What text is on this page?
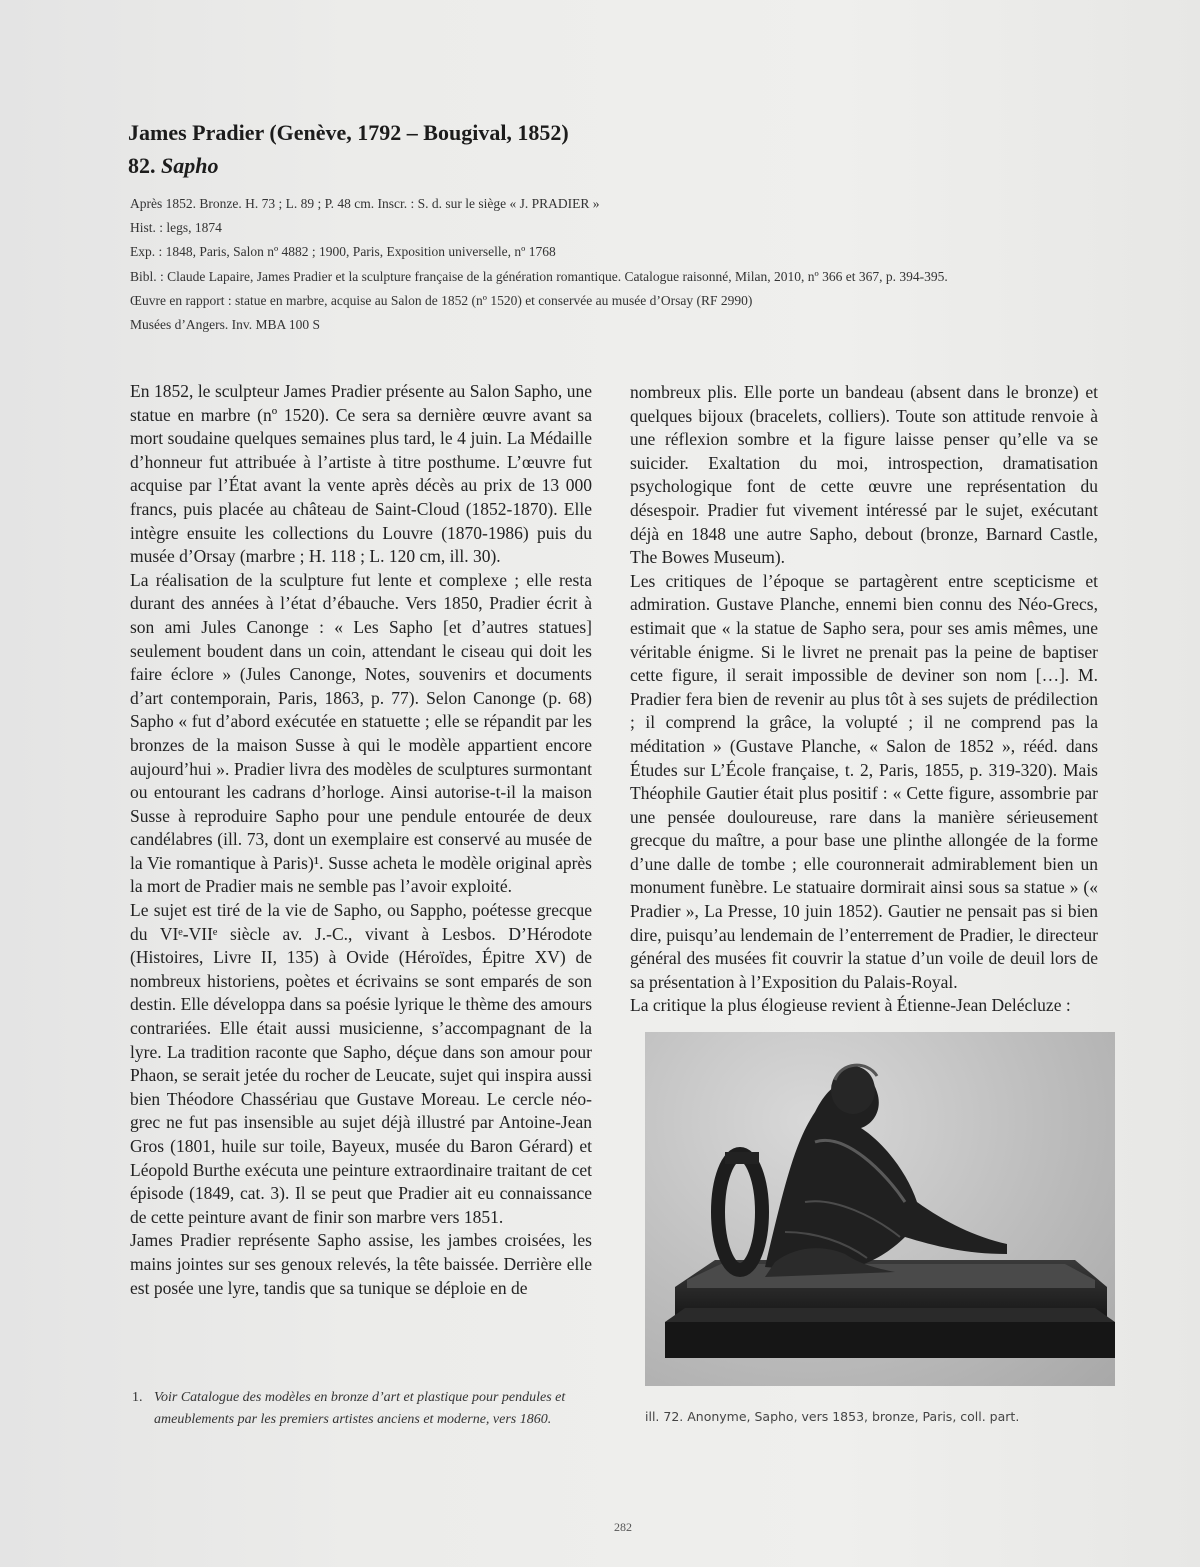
James Pradier (Genève, 1792 – Bougival, 1852)
82. Sapho

Après 1852. Bronze. H. 73 ; L. 89 ; P. 48 cm. Inscr. : S. d. sur le siège « J. PRADIER »

Hist. : legs, 1874

Exp. : 1848, Paris, Salon nº 4882 ; 1900, Paris, Exposition universelle, nº 1768

Bibl. : Claude Lapaire, James Pradier et la sculpture française de la génération romantique. Catalogue raisonné, Milan, 2010, nº 366 et 367, p. 394-395.

Œuvre en rapport : statue en marbre, acquise au Salon de 1852 (nº 1520) et conservée au musée d’Orsay (RF 2990)

Musées d’Angers. Inv. MBA 100 S

En 1852, le sculpteur James Pradier présente au Salon Sapho, une statue en marbre (nº 1520). Ce sera sa dernière œuvre avant sa mort soudaine quelques semaines plus tard, le 4 juin. La Médaille d’honneur fut attribuée à l’artiste à titre posthume. L’œuvre fut acquise par l’État avant la vente après décès au prix de 13 000 francs, puis placée au château de Saint-Cloud (1852-1870). Elle intègre ensuite les collections du Louvre (1870-1986) puis du musée d’Orsay (marbre ; H. 118 ; L. 120 cm, ill. 30).

La réalisation de la sculpture fut lente et complexe ; elle resta durant des années à l’état d’ébauche. Vers 1850, Pradier écrit à son ami Jules Canonge : « Les Sapho [et d’autres statues] seulement boudent dans un coin, attendant le ciseau qui doit les faire éclore » (Jules Canonge, Notes, souvenirs et documents d’art contemporain, Paris, 1863, p. 77). Selon Canonge (p. 68) Sapho « fut d’abord exécutée en statuette ; elle se répandit par les bronzes de la maison Susse à qui le modèle appartient encore aujourd’hui ». Pradier livra des modèles de sculptures surmontant ou entourant les cadrans d’horloge. Ainsi autorise-t-il la maison Susse à reproduire Sapho pour une pendule entourée de deux candélabres (ill. 73, dont un exemplaire est conservé au musée de la Vie romantique à Paris)¹. Susse acheta le modèle original après la mort de Pradier mais ne semble pas l’avoir exploité.

Le sujet est tiré de la vie de Sapho, ou Sappho, poétesse grecque du VIᵉ-VIIᵉ siècle av. J.-C., vivant à Lesbos. D’Hérodote (Histoires, Livre II, 135) à Ovide (Héroïdes, Épitre XV) de nombreux historiens, poètes et écrivains se sont emparés de son destin. Elle développa dans sa poésie lyrique le thème des amours contrariées. Elle était aussi musicienne, s’accompagnant de la lyre. La tradition raconte que Sapho, déçue dans son amour pour Phaon, se serait jetée du rocher de Leucate, sujet qui inspira aussi bien Théodore Chassériau que Gustave Moreau. Le cercle néo-grec ne fut pas insensible au sujet déjà illustré par Antoine-Jean Gros (1801, huile sur toile, Bayeux, musée du Baron Gérard) et Léopold Burthe exécuta une peinture extraordinaire traitant de cet épisode (1849, cat. 3). Il se peut que Pradier ait eu connaissance de cette peinture avant de finir son marbre vers 1851.

James Pradier représente Sapho assise, les jambes croisées, les mains jointes sur ses genoux relevés, la tête baissée. Derrière elle est posée une lyre, tandis que sa tunique se déploie en de

nombreux plis. Elle porte un bandeau (absent dans le bronze) et quelques bijoux (bracelets, colliers). Toute son attitude renvoie à une réflexion sombre et la figure laisse penser qu’elle va se suicider. Exaltation du moi, introspection, dramatisation psychologique font de cette œuvre une représentation du désespoir. Pradier fut vivement intéressé par le sujet, exécutant déjà en 1848 une autre Sapho, debout (bronze, Barnard Castle, The Bowes Museum).

Les critiques de l’époque se partagèrent entre scepticisme et admiration. Gustave Planche, ennemi bien connu des Néo-Grecs, estimait que « la statue de Sapho sera, pour ses amis mêmes, une véritable énigme. Si le livret ne prenait pas la peine de baptiser cette figure, il serait impossible de deviner son nom […]. M. Pradier fera bien de revenir au plus tôt à ses sujets de prédilection ; il comprend la grâce, la volupté ; il ne comprend pas la méditation » (Gustave Planche, « Salon de 1852 », rééd. dans Études sur L’École française, t. 2, Paris, 1855, p. 319-320). Mais Théophile Gautier était plus positif : « Cette figure, assombrie par une pensée douloureuse, rare dans la manière sérieusement grecque du maître, a pour base une plinthe allongée de la forme d’une dalle de tombe ; elle couronnerait admirablement bien un monument funèbre. Le statuaire dormirait ainsi sous sa statue » (« Pradier », La Presse, 10 juin 1852). Gautier ne pensait pas si bien dire, puisqu’au lendemain de l’enterrement de Pradier, le directeur général des musées fit couvrir la statue d’un voile de deuil lors de sa présentation à l’Exposition du Palais-Royal.

La critique la plus élogieuse revient à Étienne-Jean Delécluze :

ill. 72. Anonyme, Sapho, vers 1853, bronze, Paris, coll. part.
1. Voir Catalogue des modèles en bronze d’art et plastique pour pendules et ameublements par les premiers artistes anciens et moderne, vers 1860.
282
